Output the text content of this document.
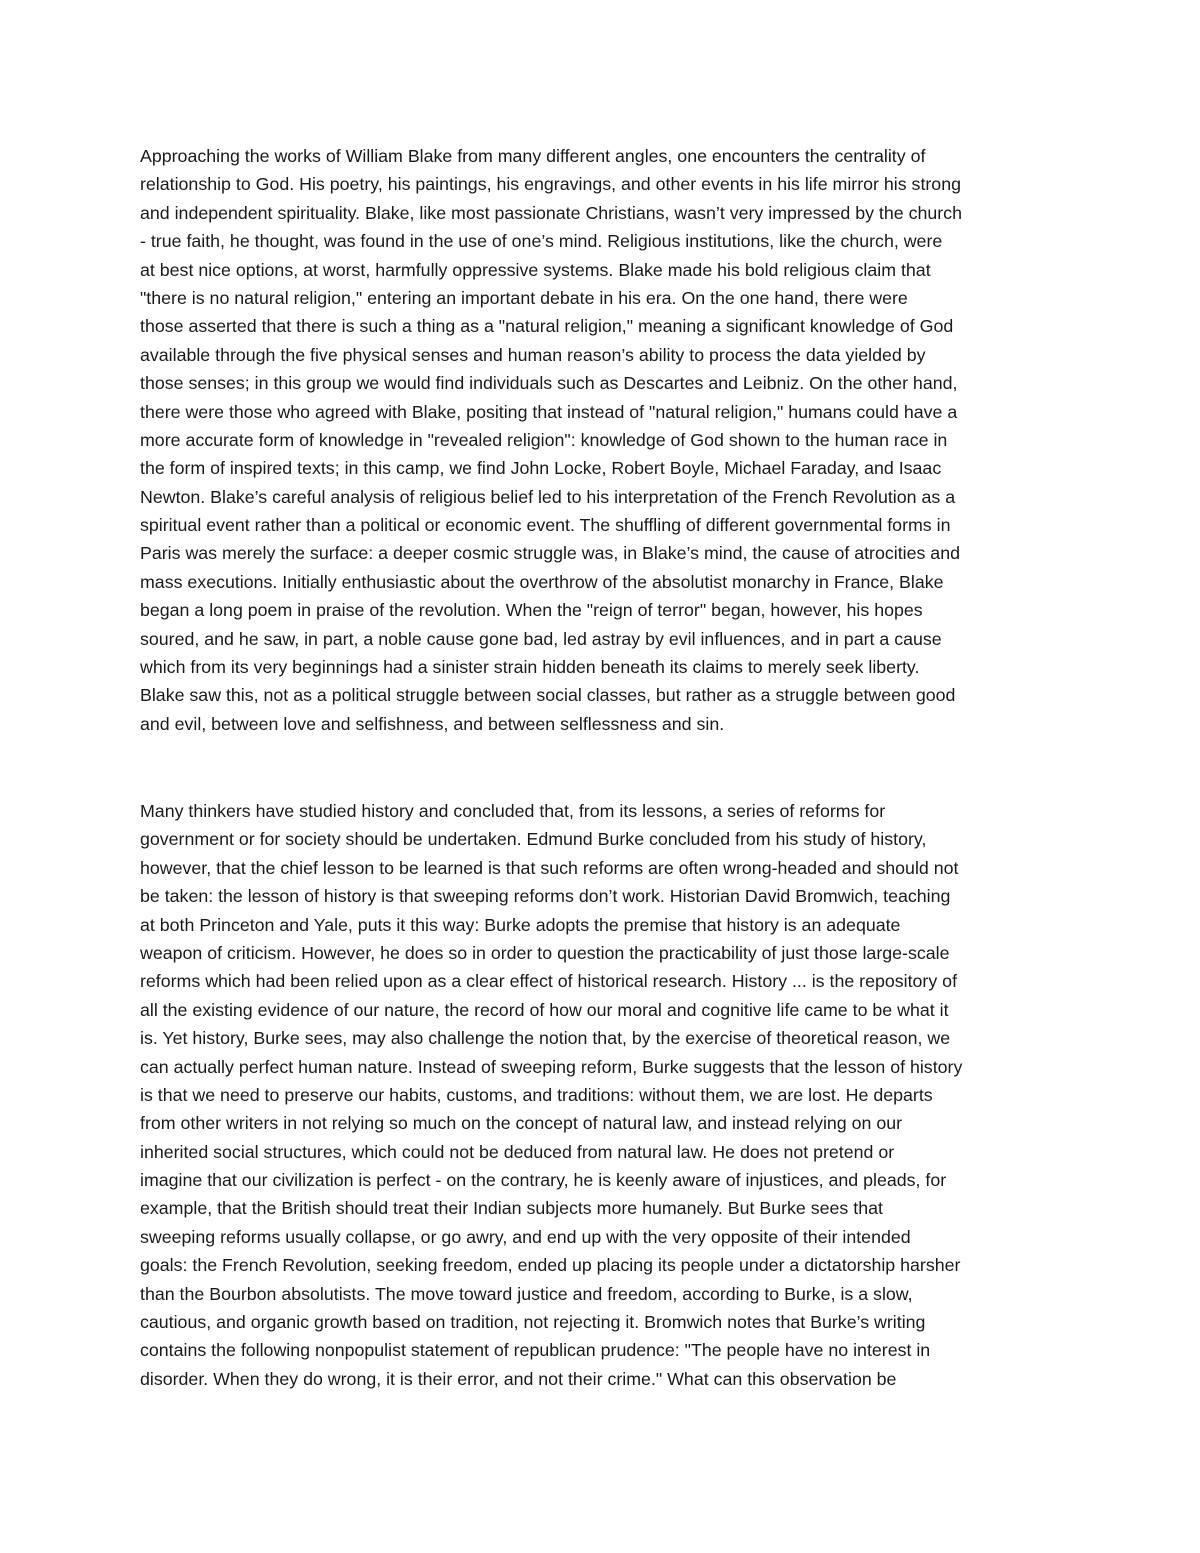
Approaching the works of William Blake from many different angles, one encounters the centrality of
relationship to God. His poetry, his paintings, his engravings, and other events in his life mirror his strong
and independent spirituality. Blake, like most passionate Christians, wasn’t very impressed by the church
- true faith, he thought, was found in the use of one’s mind. Religious institutions, like the church, were
at best nice options, at worst, harmfully oppressive systems. Blake made his bold religious claim that
"there is no natural religion," entering an important debate in his era. On the one hand, there were
those asserted that there is such a thing as a "natural religion," meaning a significant knowledge of God
available through the five physical senses and human reason’s ability to process the data yielded by
those senses; in this group we would find individuals such as Descartes and Leibniz. On the other hand,
there were those who agreed with Blake, positing that instead of "natural religion," humans could have a
more accurate form of knowledge in "revealed religion": knowledge of God shown to the human race in
the form of inspired texts; in this camp, we find John Locke, Robert Boyle, Michael Faraday, and Isaac
Newton. Blake’s careful analysis of religious belief led to his interpretation of the French Revolution as a
spiritual event rather than a political or economic event. The shuffling of different governmental forms in
Paris was merely the surface: a deeper cosmic struggle was, in Blake’s mind, the cause of atrocities and
mass executions. Initially enthusiastic about the overthrow of the absolutist monarchy in France, Blake
began a long poem in praise of the revolution. When the "reign of terror" began, however, his hopes
soured, and he saw, in part, a noble cause gone bad, led astray by evil influences, and in part a cause
which from its very beginnings had a sinister strain hidden beneath its claims to merely seek liberty.
Blake saw this, not as a political struggle between social classes, but rather as a struggle between good
and evil, between love and selfishness, and between selflessness and sin.

Many thinkers have studied history and concluded that, from its lessons, a series of reforms for
government or for society should be undertaken. Edmund Burke concluded from his study of history,
however, that the chief lesson to be learned is that such reforms are often wrong-headed and should not
be taken: the lesson of history is that sweeping reforms don’t work. Historian David Bromwich, teaching
at both Princeton and Yale, puts it this way: Burke adopts the premise that history is an adequate
weapon of criticism. However, he does so in order to question the practicability of just those large-scale
reforms which had been relied upon as a clear effect of historical research. History ... is the repository of
all the existing evidence of our nature, the record of how our moral and cognitive life came to be what it
is. Yet history, Burke sees, may also challenge the notion that, by the exercise of theoretical reason, we
can actually perfect human nature. Instead of sweeping reform, Burke suggests that the lesson of history
is that we need to preserve our habits, customs, and traditions: without them, we are lost. He departs
from other writers in not relying so much on the concept of natural law, and instead relying on our
inherited social structures, which could not be deduced from natural law. He does not pretend or
imagine that our civilization is perfect - on the contrary, he is keenly aware of injustices, and pleads, for
example, that the British should treat their Indian subjects more humanely. But Burke sees that
sweeping reforms usually collapse, or go awry, and end up with the very opposite of their intended
goals: the French Revolution, seeking freedom, ended up placing its people under a dictatorship harsher
than the Bourbon absolutists. The move toward justice and freedom, according to Burke, is a slow,
cautious, and organic growth based on tradition, not rejecting it. Bromwich notes that Burke’s writing
contains the following nonpopulist statement of republican prudence: "The people have no interest in
disorder. When they do wrong, it is their error, and not their crime." What can this observation be
